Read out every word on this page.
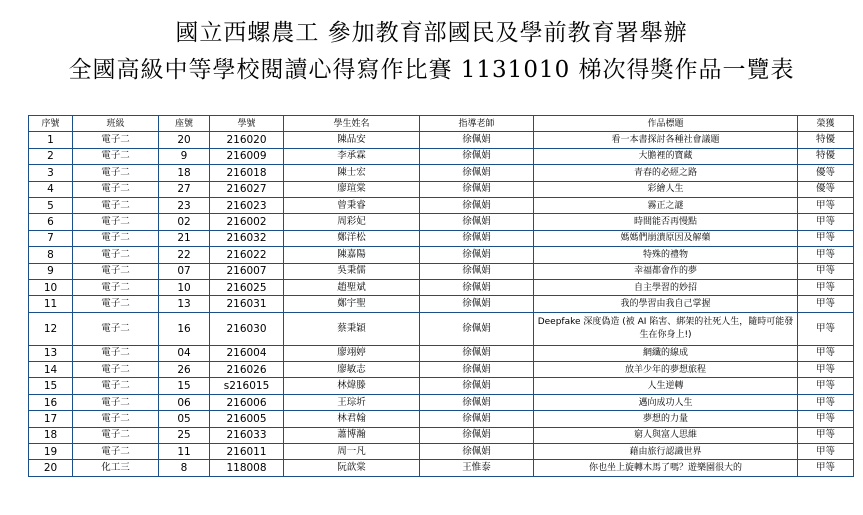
國立西螺農工 參加教育部國民及學前教育署舉辦
全國高級中等學校閱讀心得寫作比賽 1131010 梯次得獎作品一覽表
序號	班級	座號	學號	學生姓名	指導老師	作品標題	榮獲
1	電子二	20	216020	陳品安	徐佩娟	看一本書探討各種社會議題	特優
2	電子二	9	216009	李承霖	徐佩娟	大膽裡的寶藏	特優
3	電子二	18	216018	陳士宏	徐佩娟	青春的必經之路	優等
4	電子二	27	216027	廖瑄棠	徐佩娟	彩繪人生	優等
5	電子二	23	216023	曾秉睿	徐佩娟	霧正之謎	甲等
6	電子二	02	216002	周彩妃	徐佩娟	時間能否再慢點	甲等
7	電子二	21	216032	鄭洋松	徐佩娟	媽媽們崩潰原因及解藥	甲等
8	電子二	22	216022	陳嘉陽	徐佩娟	特殊的禮物	甲等
9	電子二	07	216007	吳秉儒	徐佩娟	幸福都會作的夢	甲等
10	電子二	10	216025	趙聖斌	徐佩娟	自主學習的妙招	甲等
11	電子二	13	216031	鄭宇聖	徐佩娟	我的學習由我自己掌握	甲等
12	電子二	16	216030	蔡秉穎	徐佩娟	Deepfake 深度偽造 (被 AI 陷害、綁架的社死人生，隨時可能發生在你身上!)	甲等
13	電子二	04	216004	廖翊婷	徐佩娟	網纖的線成	甲等
14	電子二	26	216026	廖敏志	徐佩娟	放羊少年的夢想旅程	甲等
15	電子二	15	s216015	林煒滕	徐佩娟	人生逆轉	甲等
16	電子二	06	216006	王琮圻	徐佩娟	邁向成功人生	甲等
17	電子二	05	216005	林君翰	徐佩娟	夢想的力量	甲等
18	電子二	25	216033	蕭博瀚	徐佩娟	窮人與富人思維	甲等
19	電子二	11	216011	周一凡	徐佩娟	藉由旅行認識世界	甲等
20	化工三	8	118008	阮歆棠	王惟泰	你也坐上旋轉木馬了嗎？遊樂園很大的	甲等
